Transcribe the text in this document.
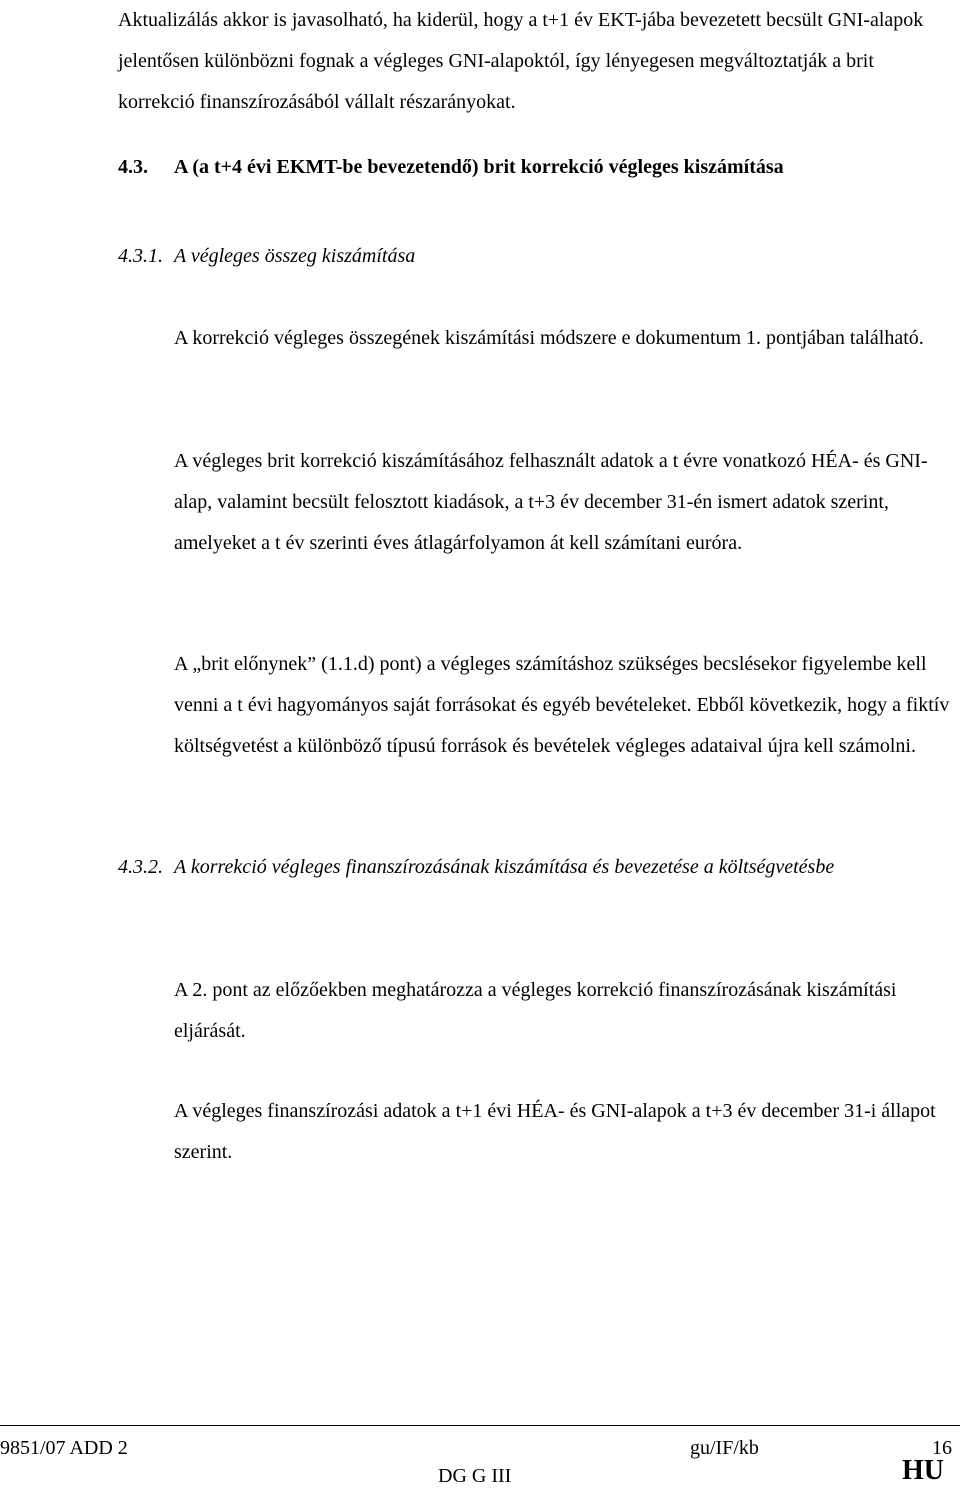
Aktualizálás akkor is javasolható, ha kiderül, hogy a t+1 év EKT-jába bevezetett becsült GNI-alapok jelentősen különbözni fognak a végleges GNI-alapoktól, így lényegesen megváltoztatják a brit korrekció finanszírozásából vállalt részarányokat.

4.3. A (a t+4 évi EKMT-be bevezetendő) brit korrekció végleges kiszámítása
4.3.1. A végleges összeg kiszámítása

A korrekció végleges összegének kiszámítási módszere e dokumentum 1. pontjában található.

A végleges brit korrekció kiszámításához felhasznált adatok a t évre vonatkozó HÉA- és GNI-alap, valamint becsült felosztott kiadások, a t+3 év december 31-én ismert adatok szerint, amelyeket a t év szerinti éves átlagárfolyamon át kell számítani euróra.

A „brit előnynek” (1.1.d) pont) a végleges számításhoz szükséges becslésekor figyelembe kell venni a t évi hagyományos saját forrásokat és egyéb bevételeket. Ebből következik, hogy a fiktív költségvetést a különböző típusú források és bevételek végleges adataival újra kell számolni.

4.3.2. A korrekció végleges finanszírozásának kiszámítása és bevezetése a költségvetésbe

A 2. pont az előzőekben meghatározza a végleges korrekció finanszírozásának kiszámítási eljárását.

A végleges finanszírozási adatok a t+1 évi HÉA- és GNI-alapok a t+3 év december 31-i állapot szerint.

9851/07 ADD 2	gu/IF/kb	16
DG G III	HU
